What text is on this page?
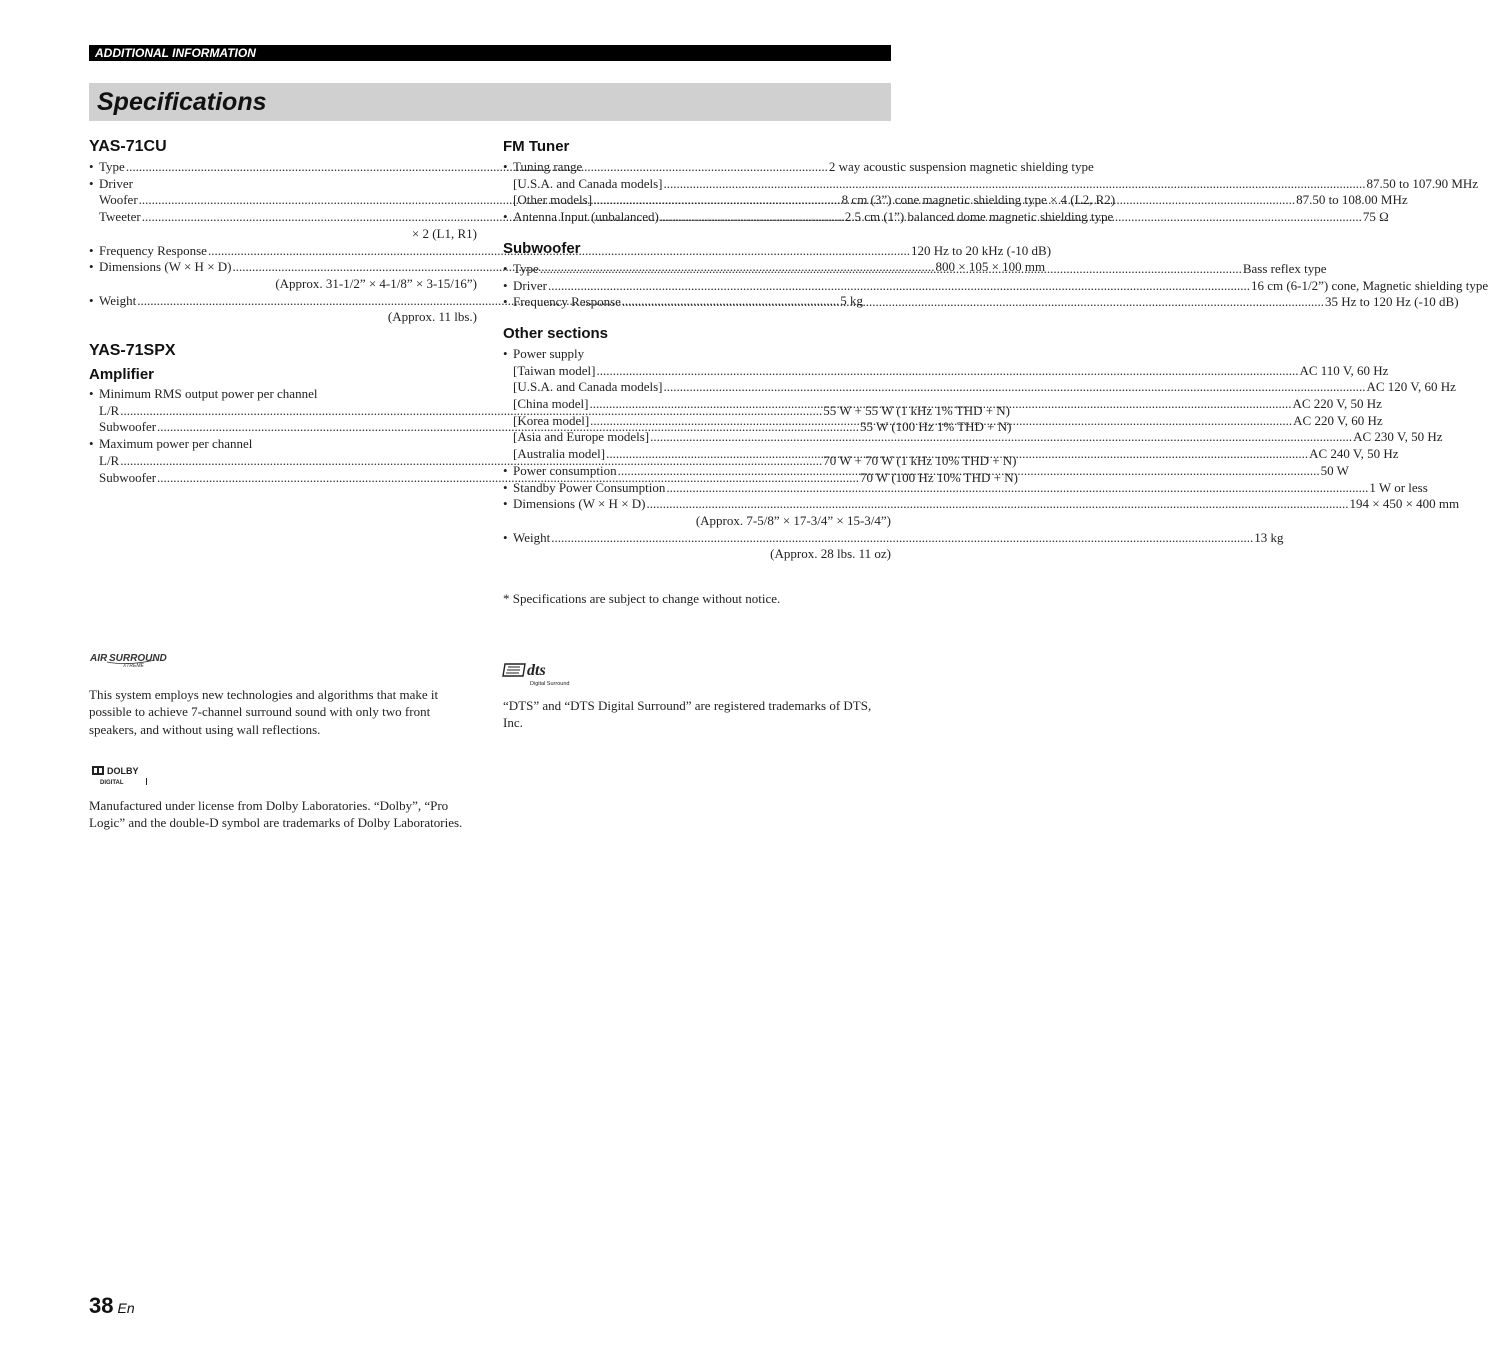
ADDITIONAL INFORMATION
Specifications
YAS-71CU
• Type .....	2 way acoustic suspension magnetic shielding type
• Driver
Woofer .....	8 cm (3”) cone magnetic shielding type × 4 (L2, R2)
Tweeter .....	2.5 cm (1”) balanced dome magnetic shielding type
× 2 (L1, R1)
• Frequency Response .....	120 Hz to 20 kHz (-10 dB)
• Dimensions (W × H × D) .....	800 × 105 × 100 mm
(Approx. 31-1/2” × 4-1/8” × 3-15/16”)
• Weight .....	5 kg
(Approx. 11 lbs.)
YAS-71SPX
Amplifier
• Minimum RMS output power per channel
L/R .....	55 W + 55 W (1 kHz 1% THD + N)
Subwoofer .....	55 W (100 Hz 1% THD + N)
• Maximum power per channel
L/R .....	70 W + 70 W (1 kHz 10% THD + N)
Subwoofer .....	70 W (100 Hz 10% THD + N)
FM Tuner
• Tuning range
[U.S.A. and Canada models] .....	87.50 to 107.90 MHz
[Other models] .....	87.50 to 108.00 MHz
• Antenna Input (unbalanced) .....	75 Ω
Subwoofer
• Type .....	Bass reflex type
• Driver .....	16 cm (6-1/2”) cone, Magnetic shielding type
• Frequency Response .....	35 Hz to 120 Hz (-10 dB)
Other sections
• Power supply
[Taiwan model] .....	AC 110 V, 60 Hz
[U.S.A. and Canada models] .....	AC 120 V, 60 Hz
[China model] .....	AC 220 V, 50 Hz
[Korea model] .....	AC 220 V, 60 Hz
[Asia and Europe models] .....	AC 230 V, 50 Hz
[Australia model] .....	AC 240 V, 50 Hz
• Power consumption .....	50 W
• Standby Power Consumption .....	1 W or less
• Dimensions (W × H × D) .....	194 × 450 × 400 mm
(Approx. 7-5/8” × 17-3/4” × 15-3/4”)
• Weight .....	13 kg
(Approx. 28 lbs. 11 oz)
* Specifications are subject to change without notice.
AIR SURROUND
XTREME
This system employs new technologies and algorithms that make it possible to achieve 7-channel surround sound with only two front speakers, and without using wall reflections.
DOLBY
DIGITAL
Manufactured under license from Dolby Laboratories. “Dolby”, “Pro Logic” and the double-D symbol are trademarks of Dolby Laboratories.
dts
Digital Surround
“DTS” and “DTS Digital Surround” are registered trademarks of DTS, Inc.
38 En
